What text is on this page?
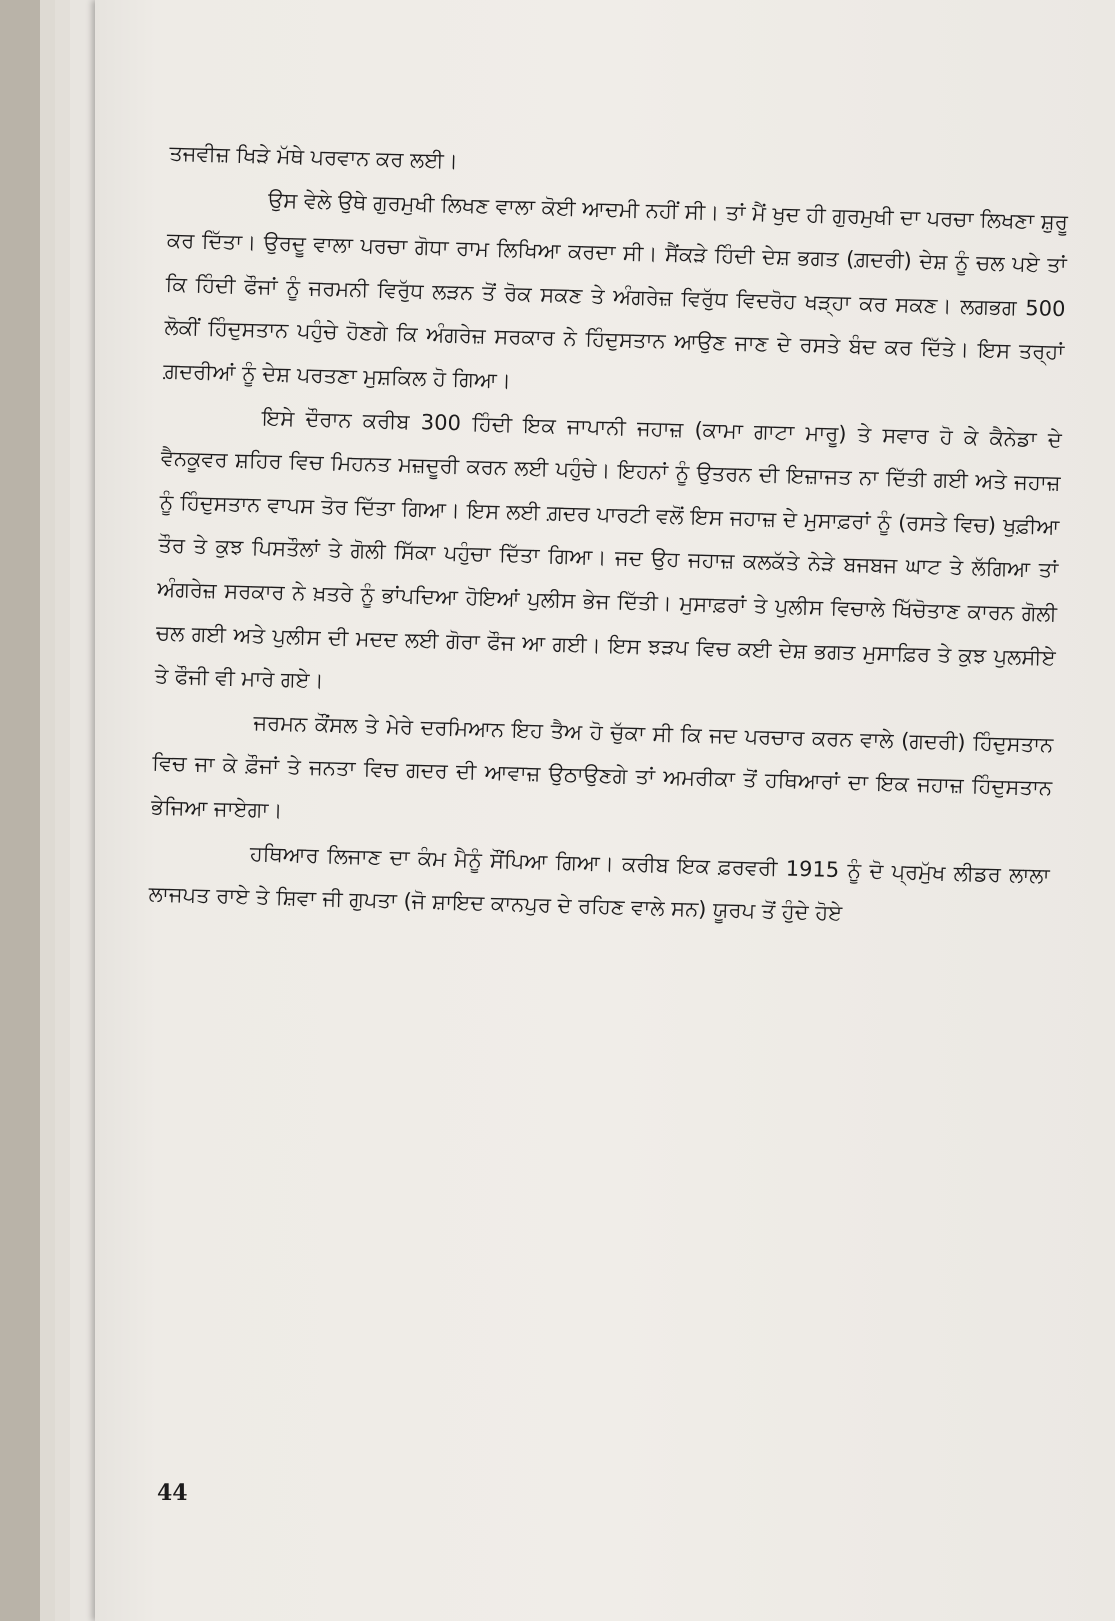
ਤਜਵੀਜ਼ ਖਿੜੇ ਮੱਥੇ ਪਰਵਾਨ ਕਰ ਲਈ।

ਉਸ ਵੇਲੇ ਉਥੇ ਗੁਰਮੁਖੀ ਲਿਖਣ ਵਾਲਾ ਕੋਈ ਆਦਮੀ ਨਹੀਂ ਸੀ। ਤਾਂ ਮੈਂ ਖੁਦ ਹੀ ਗੁਰਮੁਖੀ ਦਾ ਪਰਚਾ ਲਿਖਣਾ ਸ਼ੁਰੂ ਕਰ ਦਿੱਤਾ। ਉਰਦੂ ਵਾਲਾ ਪਰਚਾ ਗੋਧਾ ਰਾਮ ਲਿਖਿਆ ਕਰਦਾ ਸੀ। ਸੈਂਕੜੇ ਹਿੰਦੀ ਦੇਸ਼ ਭਗਤ (ਗ਼ਦਰੀ) ਦੇਸ਼ ਨੂੰ ਚਲ ਪਏ ਤਾਂ ਕਿ ਹਿੰਦੀ ਫੌਜਾਂ ਨੂੰ ਜਰਮਨੀ ਵਿਰੁੱਧ ਲੜਨ ਤੋਂ ਰੋਕ ਸਕਣ ਤੇ ਅੰਗਰੇਜ਼ ਵਿਰੁੱਧ ਵਿਦਰੋਹ ਖੜ੍ਹਾ ਕਰ ਸਕਣ। ਲਗਭਗ 500 ਲੋਕੀਂ ਹਿੰਦੁਸਤਾਨ ਪਹੁੰਚੇ ਹੋਣਗੇ ਕਿ ਅੰਗਰੇਜ਼ ਸਰਕਾਰ ਨੇ ਹਿੰਦੁਸਤਾਨ ਆਉਣ ਜਾਣ ਦੇ ਰਸਤੇ ਬੰਦ ਕਰ ਦਿੱਤੇ। ਇਸ ਤਰ੍ਹਾਂ ਗ਼ਦਰੀਆਂ ਨੂੰ ਦੇਸ਼ ਪਰਤਣਾ ਮੁਸ਼ਕਿਲ ਹੋ ਗਿਆ।

ਇਸੇ ਦੌਰਾਨ ਕਰੀਬ 300 ਹਿੰਦੀ ਇਕ ਜਾਪਾਨੀ ਜਹਾਜ਼ (ਕਾਮਾ ਗਾਟਾ ਮਾਰੂ) ਤੇ ਸਵਾਰ ਹੋ ਕੇ ਕੈਨੇਡਾ ਦੇ ਵੈਨਕੂਵਰ ਸ਼ਹਿਰ ਵਿਚ ਮਿਹਨਤ ਮਜ਼ਦੂਰੀ ਕਰਨ ਲਈ ਪਹੁੰਚੇ। ਇਹਨਾਂ ਨੂੰ ਉਤਰਨ ਦੀ ਇਜ਼ਾਜਤ ਨਾ ਦਿੱਤੀ ਗਈ ਅਤੇ ਜਹਾਜ਼ ਨੂੰ ਹਿੰਦੁਸਤਾਨ ਵਾਪਸ ਤੋਰ ਦਿੱਤਾ ਗਿਆ। ਇਸ ਲਈ ਗ਼ਦਰ ਪਾਰਟੀ ਵਲੋਂ ਇਸ ਜਹਾਜ਼ ਦੇ ਮੁਸਾਫ਼ਰਾਂ ਨੂੰ (ਰਸਤੇ ਵਿਚ) ਖੁਫ਼ੀਆ ਤੌਰ ਤੇ ਕੁਝ ਪਿਸਤੌਲਾਂ ਤੇ ਗੋਲੀ ਸਿੱਕਾ ਪਹੁੰਚਾ ਦਿੱਤਾ ਗਿਆ। ਜਦ ਉਹ ਜਹਾਜ਼ ਕਲਕੱਤੇ ਨੇੜੇ ਬਜਬਜ ਘਾਟ ਤੇ ਲੱਗਿਆ ਤਾਂ ਅੰਗਰੇਜ਼ ਸਰਕਾਰ ਨੇ ਖ਼ਤਰੇ ਨੂੰ ਭਾਂਪਦਿਆ ਹੋਇਆਂ ਪੁਲੀਸ ਭੇਜ ਦਿੱਤੀ। ਮੁਸਾਫ਼ਰਾਂ ਤੇ ਪੁਲੀਸ ਵਿਚਾਲੇ ਖਿੱਚੋਤਾਣ ਕਾਰਨ ਗੋਲੀ ਚਲ ਗਈ ਅਤੇ ਪੁਲੀਸ ਦੀ ਮਦਦ ਲਈ ਗੋਰਾ ਫੌਜ ਆ ਗਈ। ਇਸ ਝੜਪ ਵਿਚ ਕਈ ਦੇਸ਼ ਭਗਤ ਮੁਸਾਫ਼ਿਰ ਤੇ ਕੁਝ ਪੁਲਸੀਏ ਤੇ ਫੌਜੀ ਵੀ ਮਾਰੇ ਗਏ।

ਜਰਮਨ ਕੌਂਸਲ ਤੇ ਮੇਰੇ ਦਰਮਿਆਨ ਇਹ ਤੈਅ ਹੋ ਚੁੱਕਾ ਸੀ ਕਿ ਜਦ ਪਰਚਾਰ ਕਰਨ ਵਾਲੇ (ਗਦਰੀ) ਹਿੰਦੁਸਤਾਨ ਵਿਚ ਜਾ ਕੇ ਫ਼ੌਜਾਂ ਤੇ ਜਨਤਾ ਵਿਚ ਗਦਰ ਦੀ ਆਵਾਜ਼ ਉਠਾਉਣਗੇ ਤਾਂ ਅਮਰੀਕਾ ਤੋਂ ਹਥਿਆਰਾਂ ਦਾ ਇਕ ਜਹਾਜ਼ ਹਿੰਦੁਸਤਾਨ ਭੇਜਿਆ ਜਾਏਗਾ।

ਹਥਿਆਰ ਲਿਜਾਣ ਦਾ ਕੰਮ ਮੈਨੂੰ ਸੌਂਪਿਆ ਗਿਆ। ਕਰੀਬ ਇਕ ਫ਼ਰਵਰੀ 1915 ਨੂੰ ਦੋ ਪ੍ਰਮੁੱਖ ਲੀਡਰ ਲਾਲਾ ਲਾਜਪਤ ਰਾਏ ਤੇ ਸ਼ਿਵਾ ਜੀ ਗੁਪਤਾ (ਜੋ ਸ਼ਾਇਦ ਕਾਨਪੁਰ ਦੇ ਰਹਿਣ ਵਾਲੇ ਸਨ) ਯੂਰਪ ਤੋਂ ਹੁੰਦੇ ਹੋਏ

44
